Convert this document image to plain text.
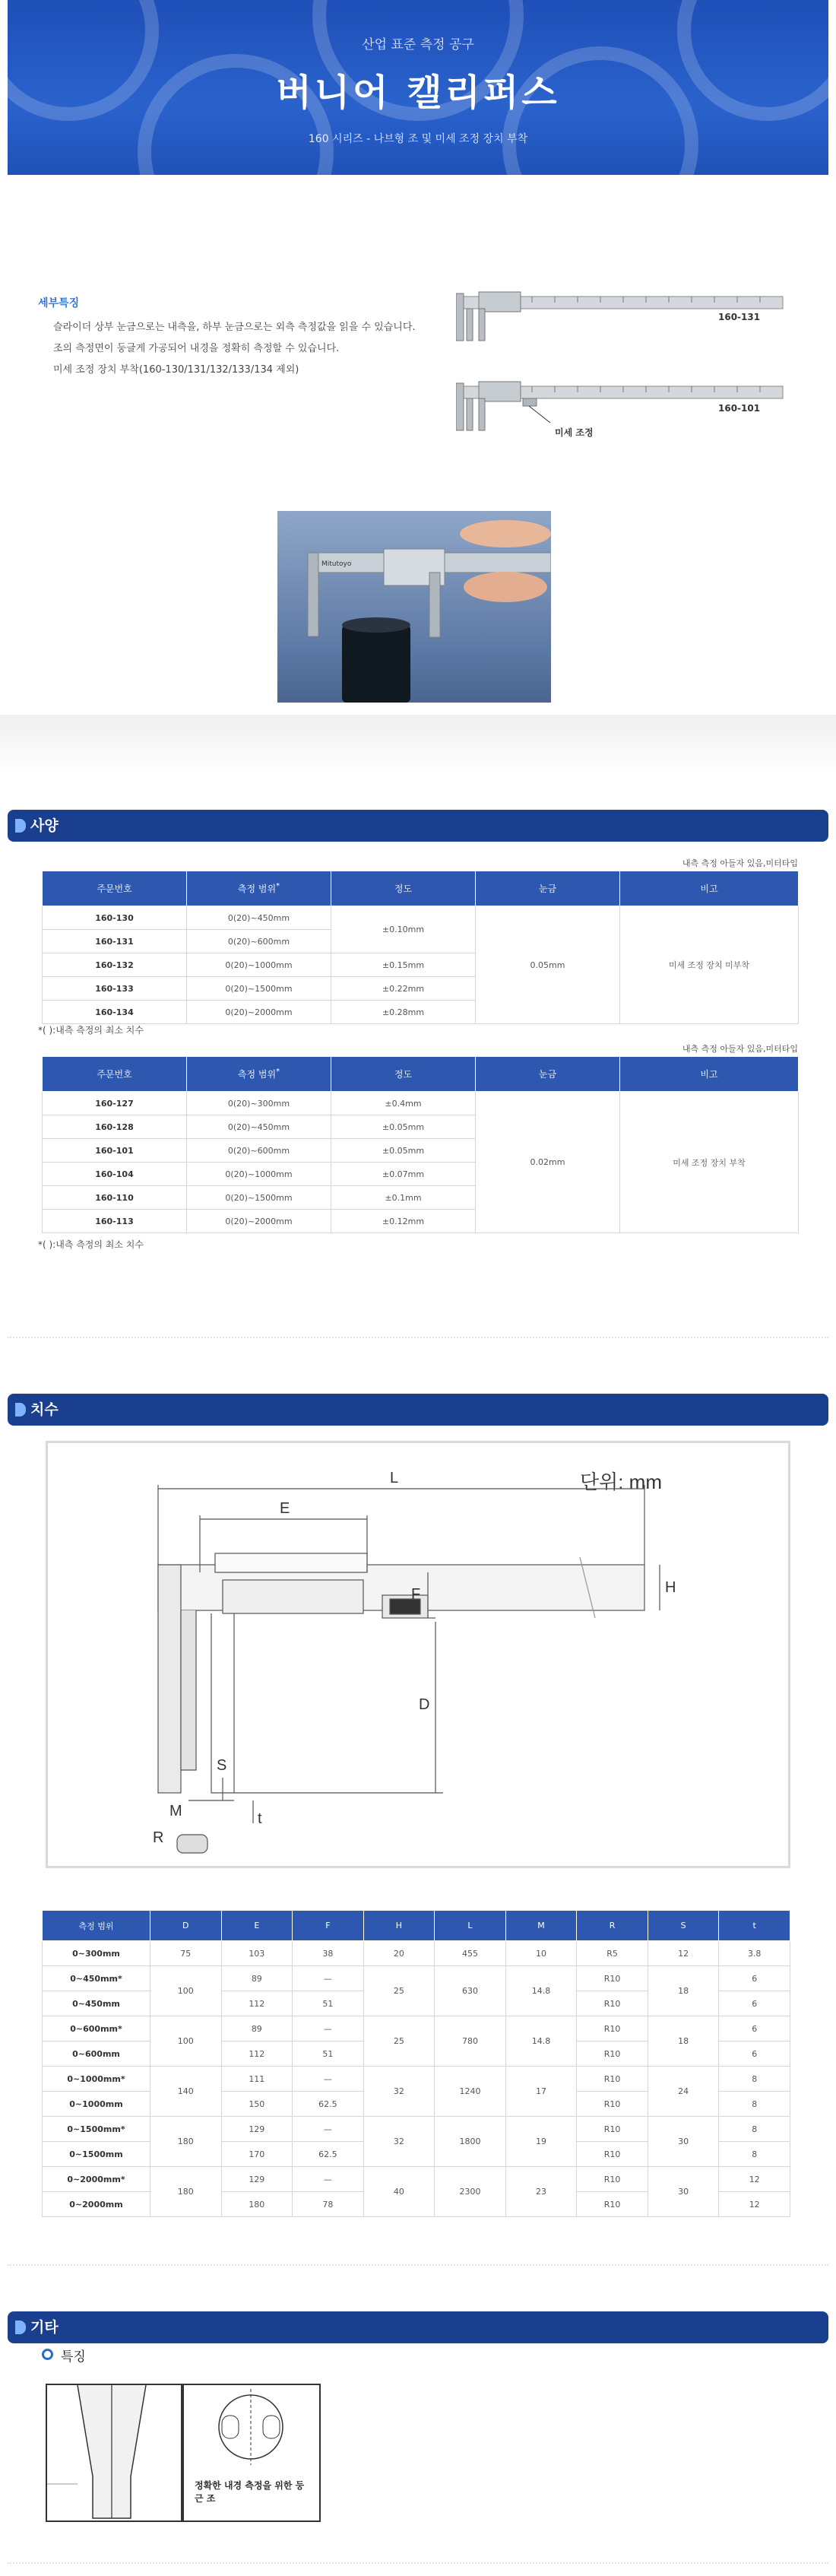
산업 표준 측정 공구
버니어 캘리퍼스
160 시리즈 - 나브형 조 및 미세 조정 장치 부착
세부특징

슬라이더 상부 눈금으로는 내측을, 하부 눈금으로는 외측 측정값을 읽을 수 있습니다.

조의 측정면이 둥글게 가공되어 내경을 정확히 측정할 수 있습니다.

미세 조정 장치 부착(160-130/131/132/133/134 제외)

160-131
160-101
미세 조정
Mitutoyo
사양
내측 측정 아들자 있음,미터타입
주문번호	측정 범위*	정도	눈금	비고
160-130	0(20)~450mm	±0.10mm	0.05mm	미세 조정 장치 미부착
160-131	0(20)~600mm			
160-132	0(20)~1000mm	±0.15mm		
160-133	0(20)~1500mm	±0.22mm		
160-134	0(20)~2000mm	±0.28mm		
*( ):내측 측정의 최소 치수
내측 측정 아들자 있음,미터타입
주문번호	측정 범위*	정도	눈금	비고
160-127	0(20)~300mm	±0.4mm	0.02mm	미세 조정 장치 부착
160-128	0(20)~450mm	±0.05mm		
160-101	0(20)~600mm	±0.05mm		
160-104	0(20)~1000mm	±0.07mm		
160-110	0(20)~1500mm	±0.1mm		
160-113	0(20)~2000mm	±0.12mm		
*( ):내측 측정의 최소 치수
치수
단위: mm
L
E
F	H
D
S
M	t
R
측정 범위	D	E	F	H	L	M	R	S	t
0~300mm	75	103	38	20	455	10	R5	12	3.8
0~450mm*	100	89	—	25	630	14.8	R10	18	6
0~450mm		112	51				R10		6
0~600mm*	100	89	—	25	780	14.8	R10	18	6
0~600mm		112	51				R10		6
0~1000mm*	140	111	—	32	1240	17	R10	24	8
0~1000mm		150	62.5				R10		8
0~1500mm*	180	129	—	32	1800	19	R10	30	8
0~1500mm		170	62.5				R10		8
0~2000mm*	180	129	—	40	2300	23	R10	30	12
0~2000mm		180	78				R10		12
기타
특징
정확한 내경 측정을 위한 둥근 조
